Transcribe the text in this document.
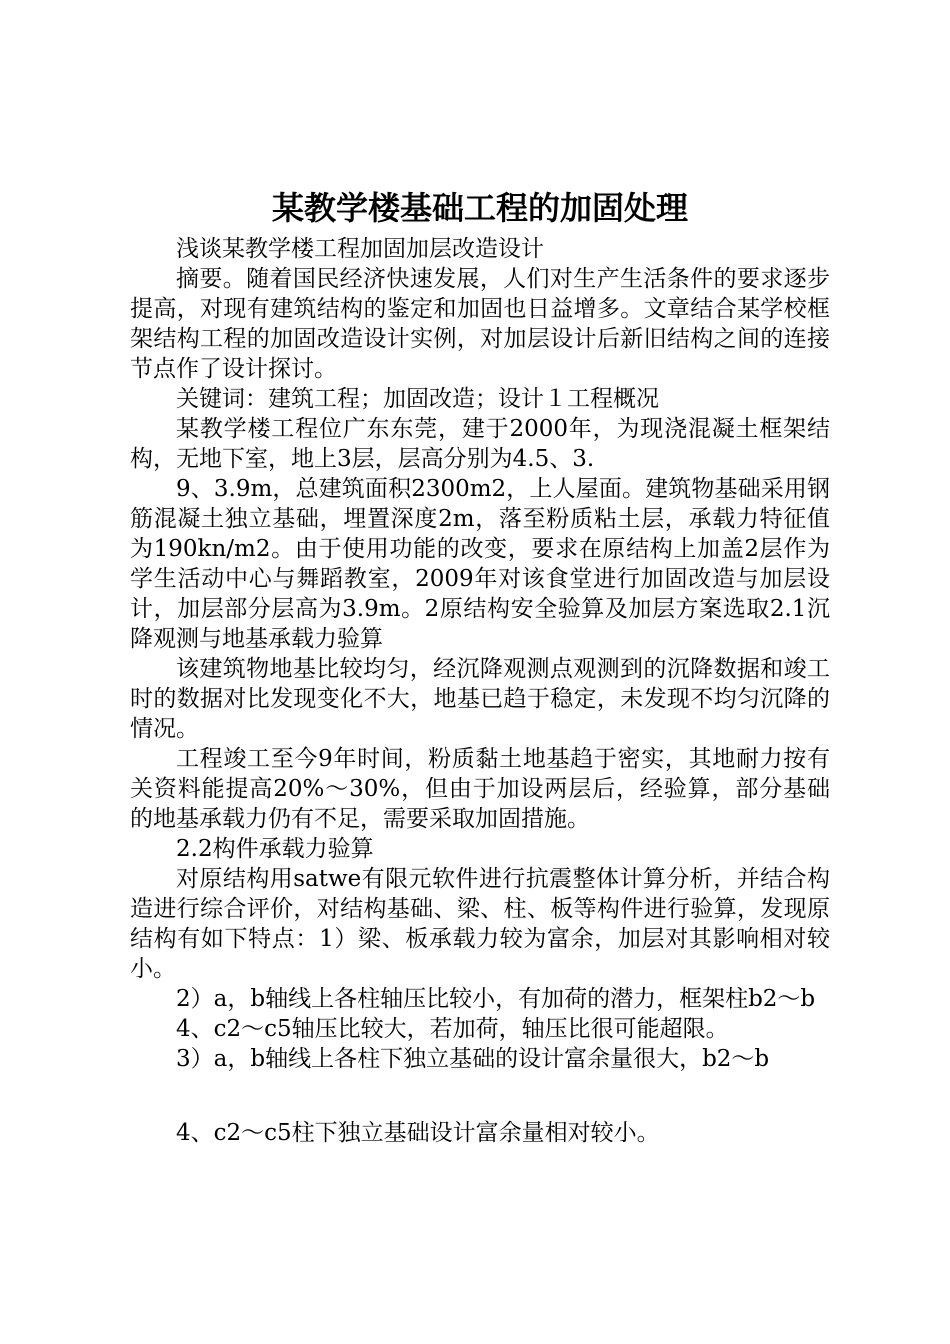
某教学楼基础工程的加固处理

浅谈某教学楼工程加固加层改造设计

摘要。随着国民经济快速发展，人们对生产生活条件的要求逐步提高，对现有建筑结构的鉴定和加固也日益增多。文章结合某学校框架结构工程的加固改造设计实例，对加层设计后新旧结构之间的连接节点作了设计探讨。

关键词：建筑工程；加固改造；设计１工程概况

某教学楼工程位广东东莞，建于2000年，为现浇混凝土框架结构，无地下室，地上3层，层高分别为4.5、3.

9、3.9m，总建筑面积2300m2，上人屋面。建筑物基础采用钢筋混凝土独立基础，埋置深度2m，落至粉质粘土层，承载力特征值为190kn/m2。由于使用功能的改变，要求在原结构上加盖2层作为学生活动中心与舞蹈教室，2009年对该食堂进行加固改造与加层设计，加层部分层高为3.9m。2原结构安全验算及加层方案选取2.1沉降观测与地基承载力验算

该建筑物地基比较均匀，经沉降观测点观测到的沉降数据和竣工时的数据对比发现变化不大，地基已趋于稳定，未发现不均匀沉降的情况。

工程竣工至今9年时间，粉质黏土地基趋于密实，其地耐力按有关资料能提高20%～30%，但由于加设两层后，经验算，部分基础的地基承载力仍有不足，需要采取加固措施。

2.2构件承载力验算

对原结构用satwe有限元软件进行抗震整体计算分析，并结合构造进行综合评价，对结构基础、梁、柱、板等构件进行验算，发现原结构有如下特点：1）梁、板承载力较为富余，加层对其影响相对较小。

2）a，b轴线上各柱轴压比较小，有加荷的潜力，框架柱b2～b

4、c2～c5轴压比较大，若加荷，轴压比很可能超限。

3）a，b轴线上各柱下独立基础的设计富余量很大，b2～b

4、c2～c5柱下独立基础设计富余量相对较小。
